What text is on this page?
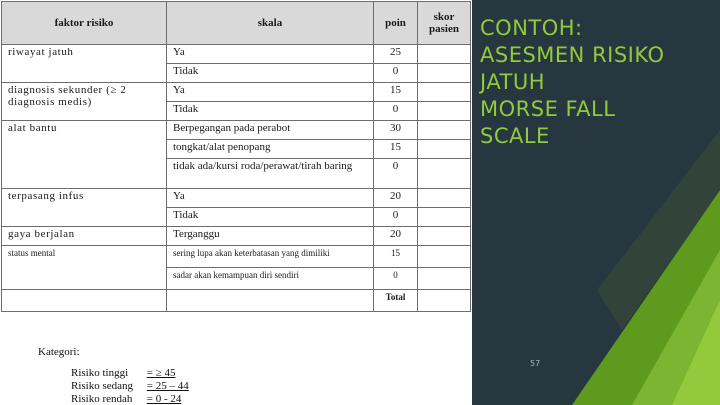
faktor risiko	skala	poin	skor pasien
riwayat jatuh	Ya	25	
	Tidak	0	
diagnosis sekunder (≥ 2 diagnosis medis)	Ya	15	
	Tidak	0	
alat bantu	Berpegangan pada perabot	30	
	tongkat/alat penopang	15	
	tidak ada/kursi roda/perawat/tirah baring	0	
terpasang infus	Ya	20	
	Tidak	0	
gaya berjalan	Terganggu	20	
status mental	sering lupa akan keterbatasan yang dimiliki	15	
	sadar akan kemampuan diri sendiri	0	
		Total	
Kategori:
Risiko tinggi = ≥ 45
Risiko sedang = 25 – 44
Risiko rendah = 0 - 24
CONTOH:
ASESMEN RISIKO
JATUH
MORSE FALL
SCALE
57
